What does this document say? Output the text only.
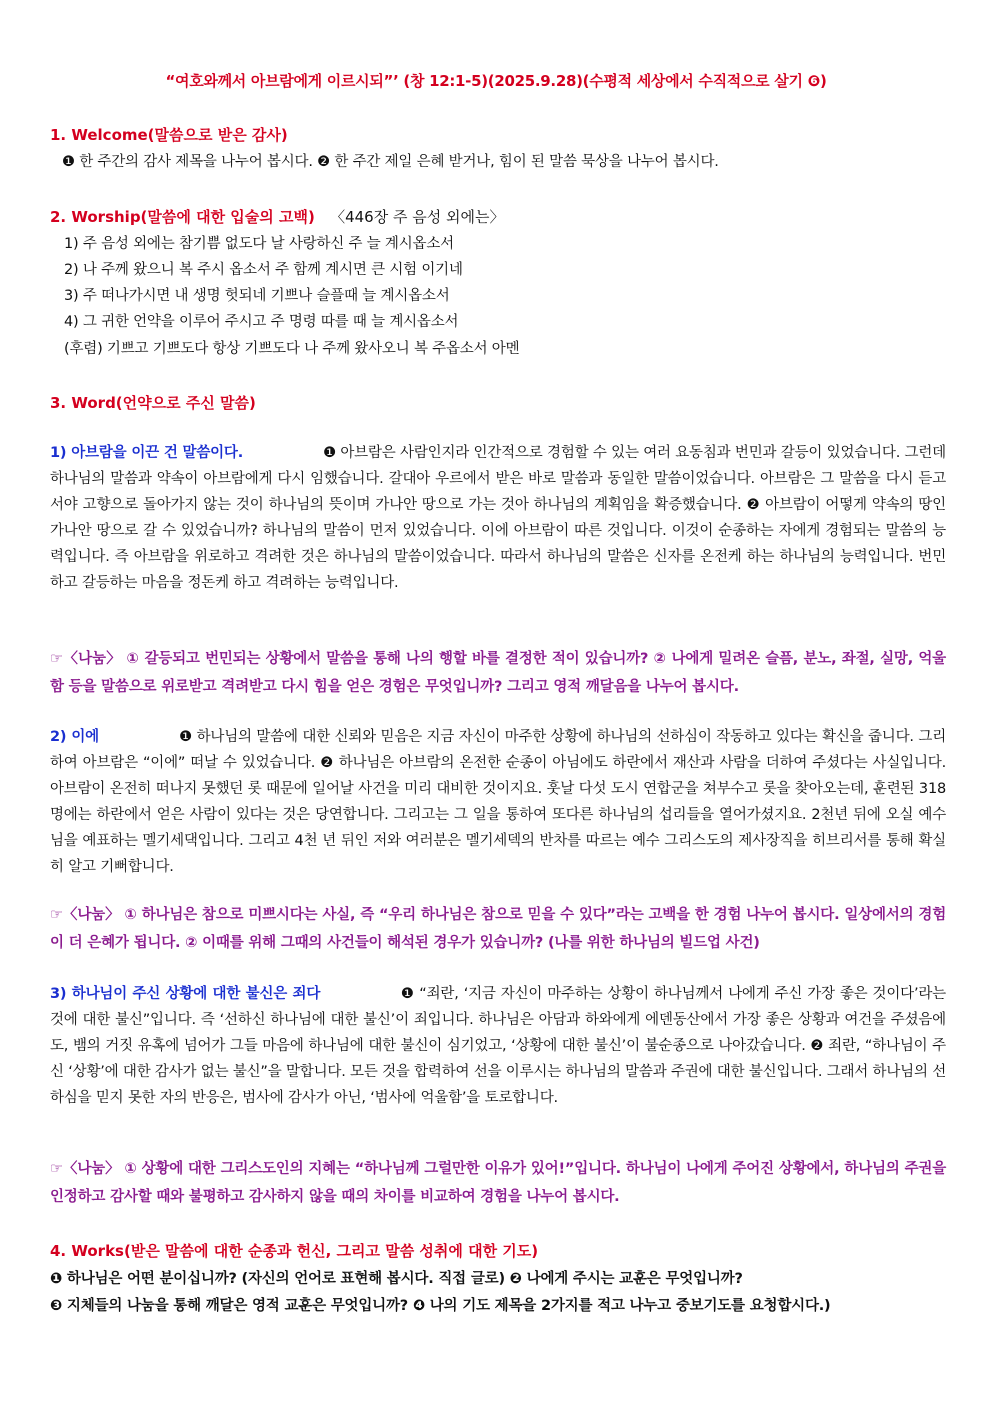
“여호와께서 아브람에게 이르시되”’ (창 12:1-5)(2025.9.28)(수평적 세상에서 수직적으로 살기 ❻)
1. Welcome(말씀으로 받은 감사)
❶ 한 주간의 감사 제목을 나누어 봅시다. ❷ 한 주간 제일 은혜 받거나, 힘이 된 말씀 묵상을 나누어 봅시다.
2. Worship(말씀에 대한 입술의 고백) 〈446장 주 음성 외에는〉
1) 주 음성 외에는 참기쁨 없도다 날 사랑하신 주 늘 계시옵소서
2) 나 주께 왔으니 복 주시 옵소서 주 함께 계시면 큰 시험 이기네
3) 주 떠나가시면 내 생명 헛되네 기쁘나 슬플때 늘 계시옵소서
4) 그 귀한 언약을 이루어 주시고 주 명령 따를 때 늘 계시옵소서
(후렴) 기쁘고 기쁘도다 항상 기쁘도다 나 주께 왔사오니 복 주옵소서 아멘
3. Word(언약으로 주신 말씀)
1) 아브람을 이끈 건 말씀이다.	❶ 아브람은 사람인지라 인간적으로 경험할 수 있는 여러 요동침과 번민과 갈등이 있었습니다. 그런데 하나님의 말씀과 약속이 아브람에게 다시 임했습니다. 갈대아 우르에서 받은 바로 말씀과 동일한 말씀이었습니다. 아브람은 그 말씀을 다시 듣고서야 고향으로 돌아가지 않는 것이 하나님의 뜻이며 가나안 땅으로 가는 것아 하나님의 계획임을 확증했습니다. ❷ 아브람이 어떻게 약속의 땅인 가나안 땅으로 갈 수 있었습니까? 하나님의 말씀이 먼저 있었습니다. 이에 아브람이 따른 것입니다. 이것이 순종하는 자에게 경험되는 말씀의 능력입니다. 즉 아브람을 위로하고 격려한 것은 하나님의 말씀이었습니다. 따라서 하나님의 말씀은 신자를 온전케 하는 하나님의 능력입니다. 번민하고 갈등하는 마음을 정돈케 하고 격려하는 능력입니다.
☞〈나눔〉 ① 갈등되고 번민되는 상황에서 말씀을 통해 나의 행할 바를 결정한 적이 있습니까? ② 나에게 밀려온 슬픔, 분노, 좌절, 실망, 억울함 등을 말씀으로 위로받고 격려받고 다시 힘을 얻은 경험은 무엇입니까? 그리고 영적 깨달음을 나누어 봅시다.
2) 이에	❶ 하나님의 말씀에 대한 신뢰와 믿음은 지금 자신이 마주한 상황에 하나님의 선하심이 작동하고 있다는 확신을 줍니다. 그리하여 아브람은 “이에” 떠날 수 있었습니다. ❷ 하나님은 아브람의 온전한 순종이 아님에도 하란에서 재산과 사람을 더하여 주셨다는 사실입니다. 아브람이 온전히 떠나지 못했던 롯 때문에 일어날 사건을 미리 대비한 것이지요. 훗날 다섯 도시 연합군을 쳐부수고 롯을 찾아오는데, 훈련된 318명에는 하란에서 얻은 사람이 있다는 것은 당연합니다. 그리고는 그 일을 통하여 또다른 하나님의 섭리들을 열어가셨지요. 2천년 뒤에 오실 예수님을 예표하는 멜기세댁입니다. 그리고 4천 년 뒤인 저와 여러분은 멜기세덱의 반차를 따르는 예수 그리스도의 제사장직을 히브리서를 통해 확실히 알고 기뻐합니다.
☞〈나눔〉 ① 하나님은 참으로 미쁘시다는 사실, 즉 “우리 하나님은 참으로 믿을 수 있다”라는 고백을 한 경험 나누어 봅시다. 일상에서의 경험이 더 은혜가 됩니다. ② 이때를 위해 그때의 사건들이 해석된 경우가 있습니까? (나를 위한 하나님의 빌드업 사건)
3) 하나님이 주신 상황에 대한 불신은 죄다	❶ “죄란, ‘지금 자신이 마주하는 상황이 하나님께서 나에게 주신 가장 좋은 것이다’라는 것에 대한 불신”입니다. 즉 ‘선하신 하나님에 대한 불신’이 죄입니다. 하나님은 아담과 하와에게 에덴동산에서 가장 좋은 상황과 여건을 주셨음에도, 뱀의 거짓 유혹에 넘어가 그들 마음에 하나님에 대한 불신이 심기었고, ‘상황에 대한 불신’이 불순종으로 나아갔습니다. ❷ 죄란, “하나님이 주신 ‘상황’에 대한 감사가 없는 불신”을 말합니다. 모든 것을 합력하여 선을 이루시는 하나님의 말씀과 주권에 대한 불신입니다. 그래서 하나님의 선하심을 믿지 못한 자의 반응은, 범사에 감사가 아닌, ‘범사에 억울함’을 토로합니다.
☞〈나눔〉 ① 상황에 대한 그리스도인의 지혜는 “하나님께 그럴만한 이유가 있어!”입니다. 하나님이 나에게 주어진 상황에서, 하나님의 주권을 인정하고 감사할 때와 불평하고 감사하지 않을 때의 차이를 비교하여 경험을 나누어 봅시다.
4. Works(받은 말씀에 대한 순종과 헌신, 그리고 말씀 성취에 대한 기도)
❶ 하나님은 어떤 분이십니까? (자신의 언어로 표현해 봅시다. 직접 글로) ❷ 나에게 주시는 교훈은 무엇입니까?
❸ 지체들의 나눔을 통해 깨달은 영적 교훈은 무엇입니까? ❹ 나의 기도 제목을 2가지를 적고 나누고 중보기도를 요청합시다.)
